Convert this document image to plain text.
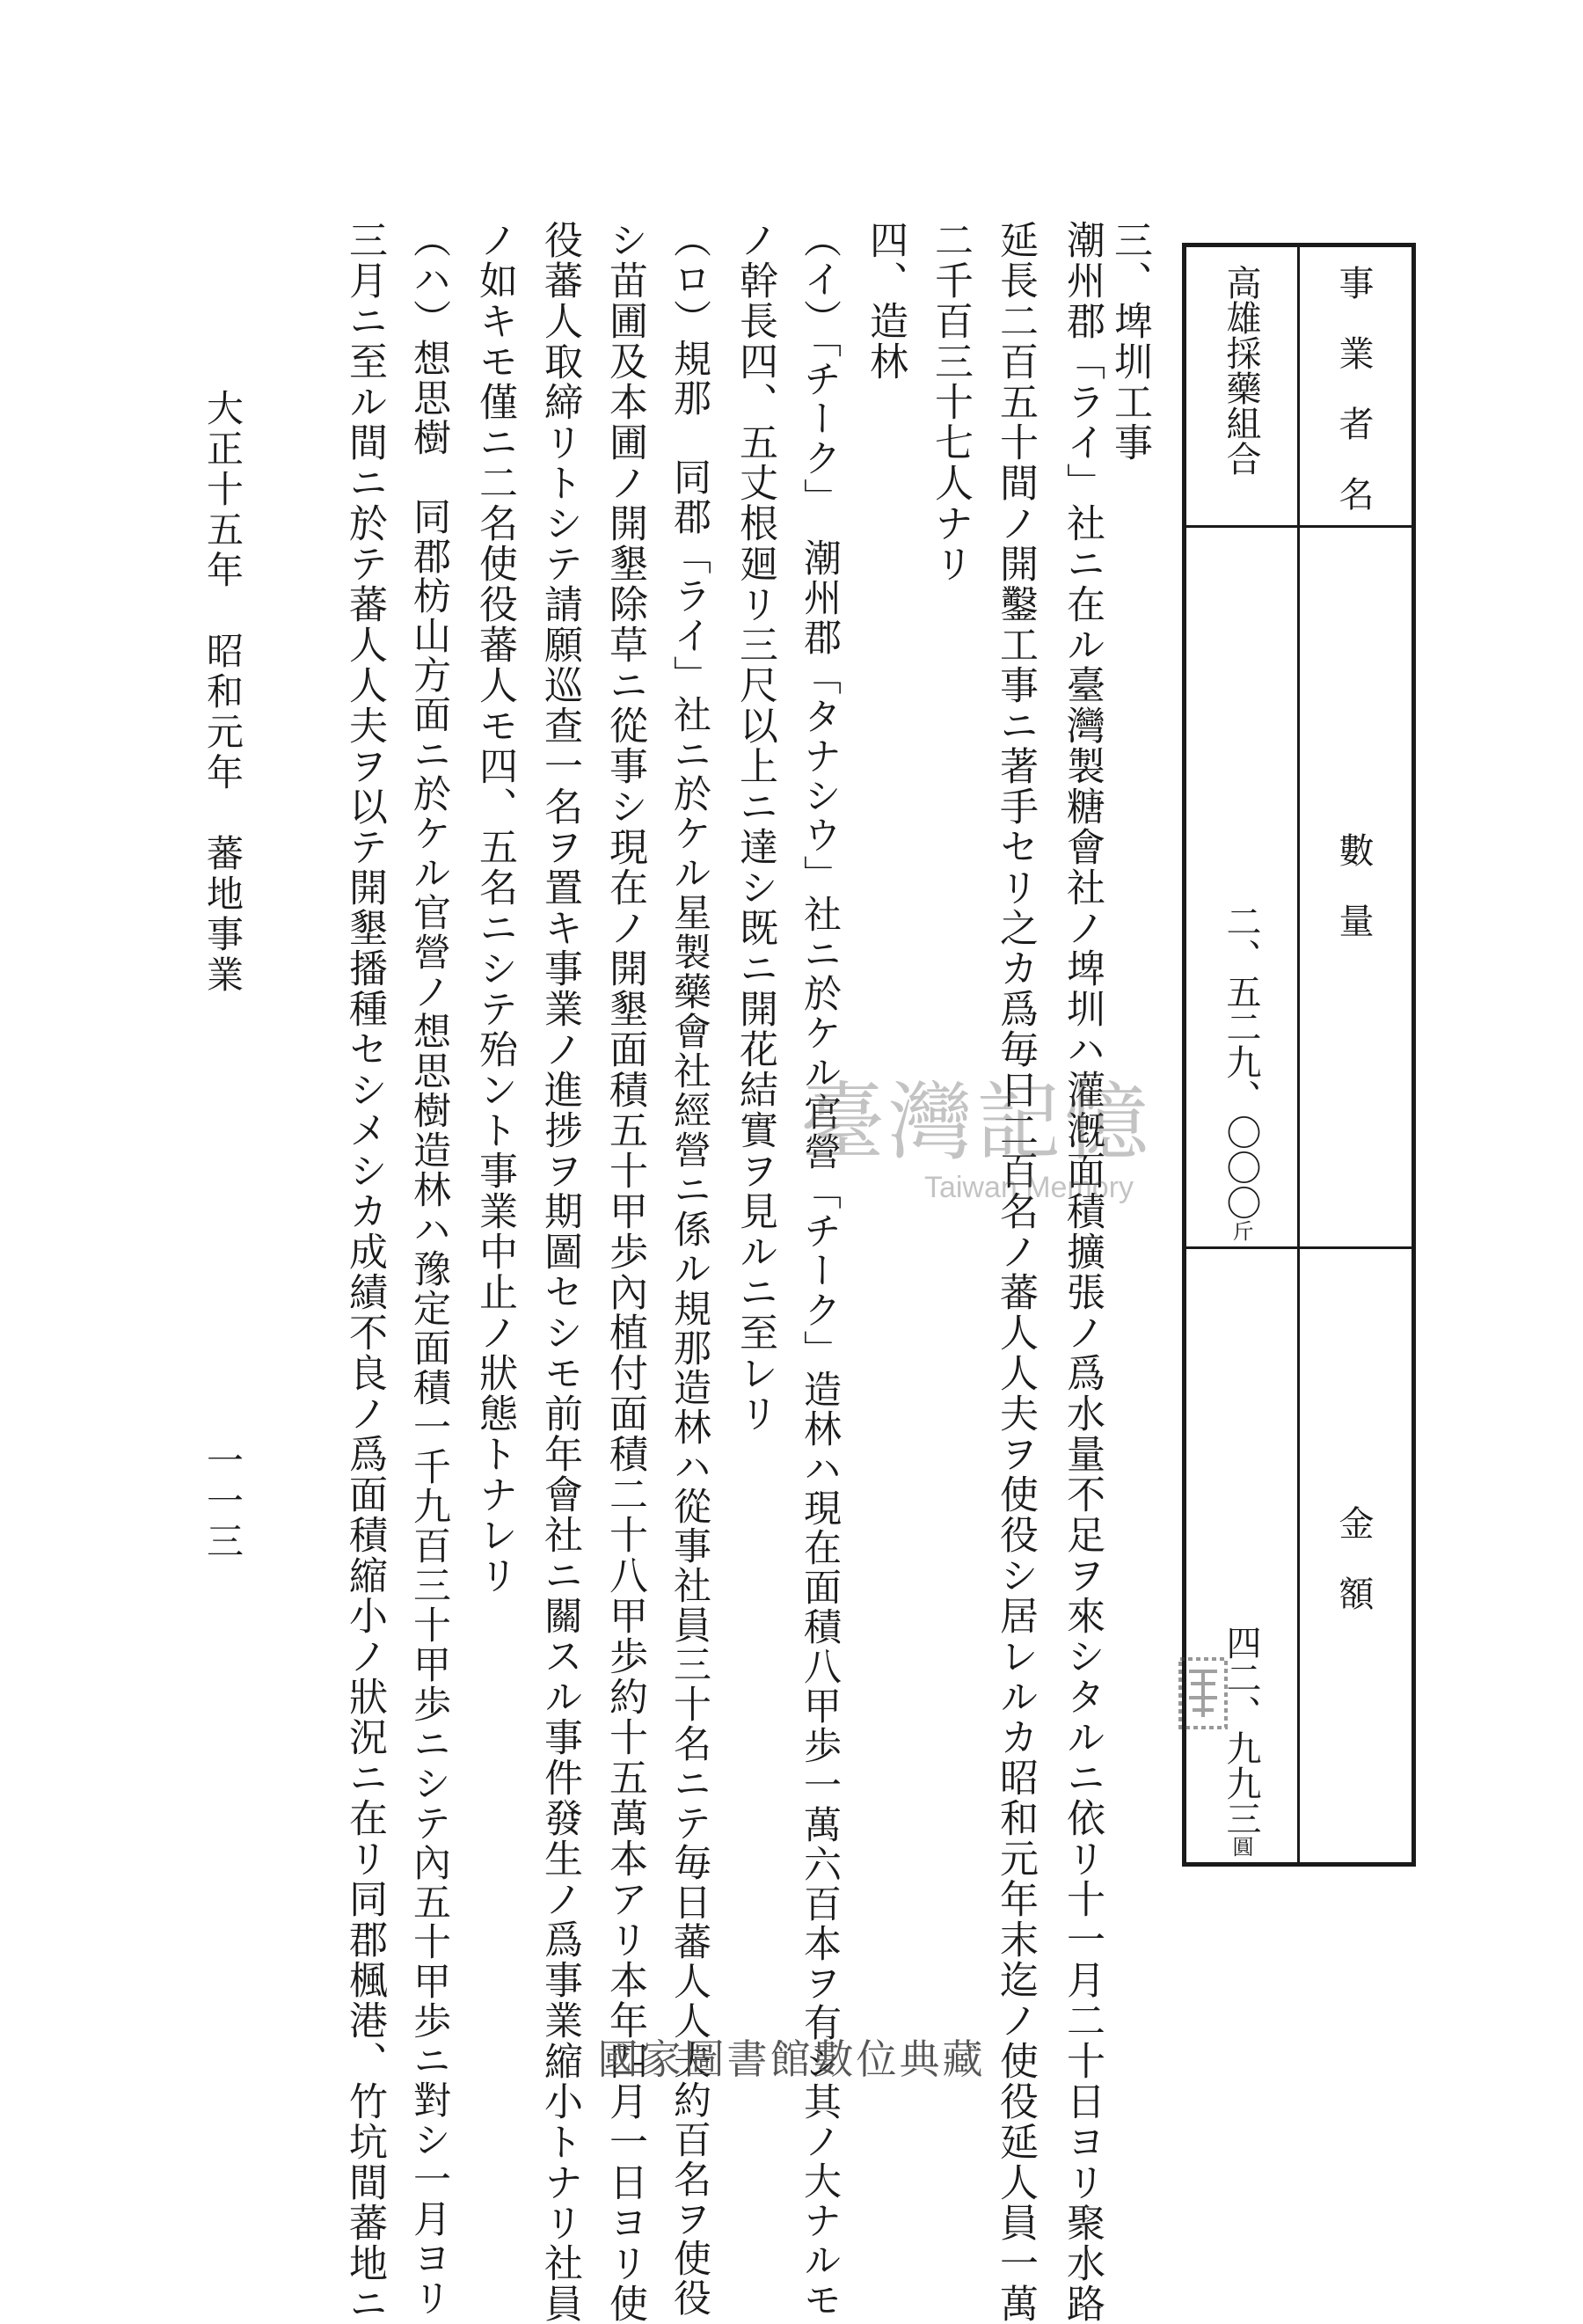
事　業　者　名
高雄採藥組合
數　量
二、五二九、〇〇〇
斤
金　額
四二、九九三
圓
三、埤圳工事
潮州郡「ライ」社ニ在ル臺灣製糖會社ノ埤圳ハ灌漑面積擴張ノ爲水量不足ヲ來シタルニ依リ十一月二十日ヨリ聚水路
延長二百五十間ノ開鑿工事ニ著手セリ之カ爲毎日二百名ノ蕃人人夫ヲ使役シ居レルカ昭和元年末迄ノ使役延人員一萬
二千百三十七人ナリ
四、造林
（イ）「チーク」　潮州郡「タナシウ」社ニ於ケル官營「チーク」造林ハ現在面積八甲歩一萬六百本ヲ有シ其ノ大ナルモ
ノ幹長四、五丈根廻リ三尺以上ニ達シ既ニ開花結實ヲ見ルニ至レリ
（ロ）規那　同郡「ライ」社ニ於ケル星製藥會社經營ニ係ル規那造林ハ從事社員三十名ニテ毎日蕃人人夫約百名ヲ使役
シ苗圃及本圃ノ開墾除草ニ從事シ現在ノ開墾面積五十甲歩內植付面積二十八甲歩約十五萬本アリ本年四月一日ヨリ使
役蕃人取締リトシテ請願巡查一名ヲ置キ事業ノ進捗ヲ期圖セシモ前年會社ニ關スル事件發生ノ爲事業縮小トナリ社員
ノ如キモ僅ニ二名使役蕃人モ四、五名ニシテ殆ント事業中止ノ狀態トナレリ
（ハ）想思樹　同郡枋山方面ニ於ケル官營ノ想思樹造林ハ豫定面積一千九百三十甲歩ニシテ內五十甲歩ニ對シ一月ヨリ
三月ニ至ル間ニ於テ蕃人人夫ヲ以テ開墾播種セシメシカ成績不良ノ爲面積縮小ノ狀況ニ在リ同郡楓港、竹坑間蕃地ニ
大正十五年　昭和元年　蕃地事業
一一三
臺灣記憶
Taiwan Memory
國家圖書館數位典藏
